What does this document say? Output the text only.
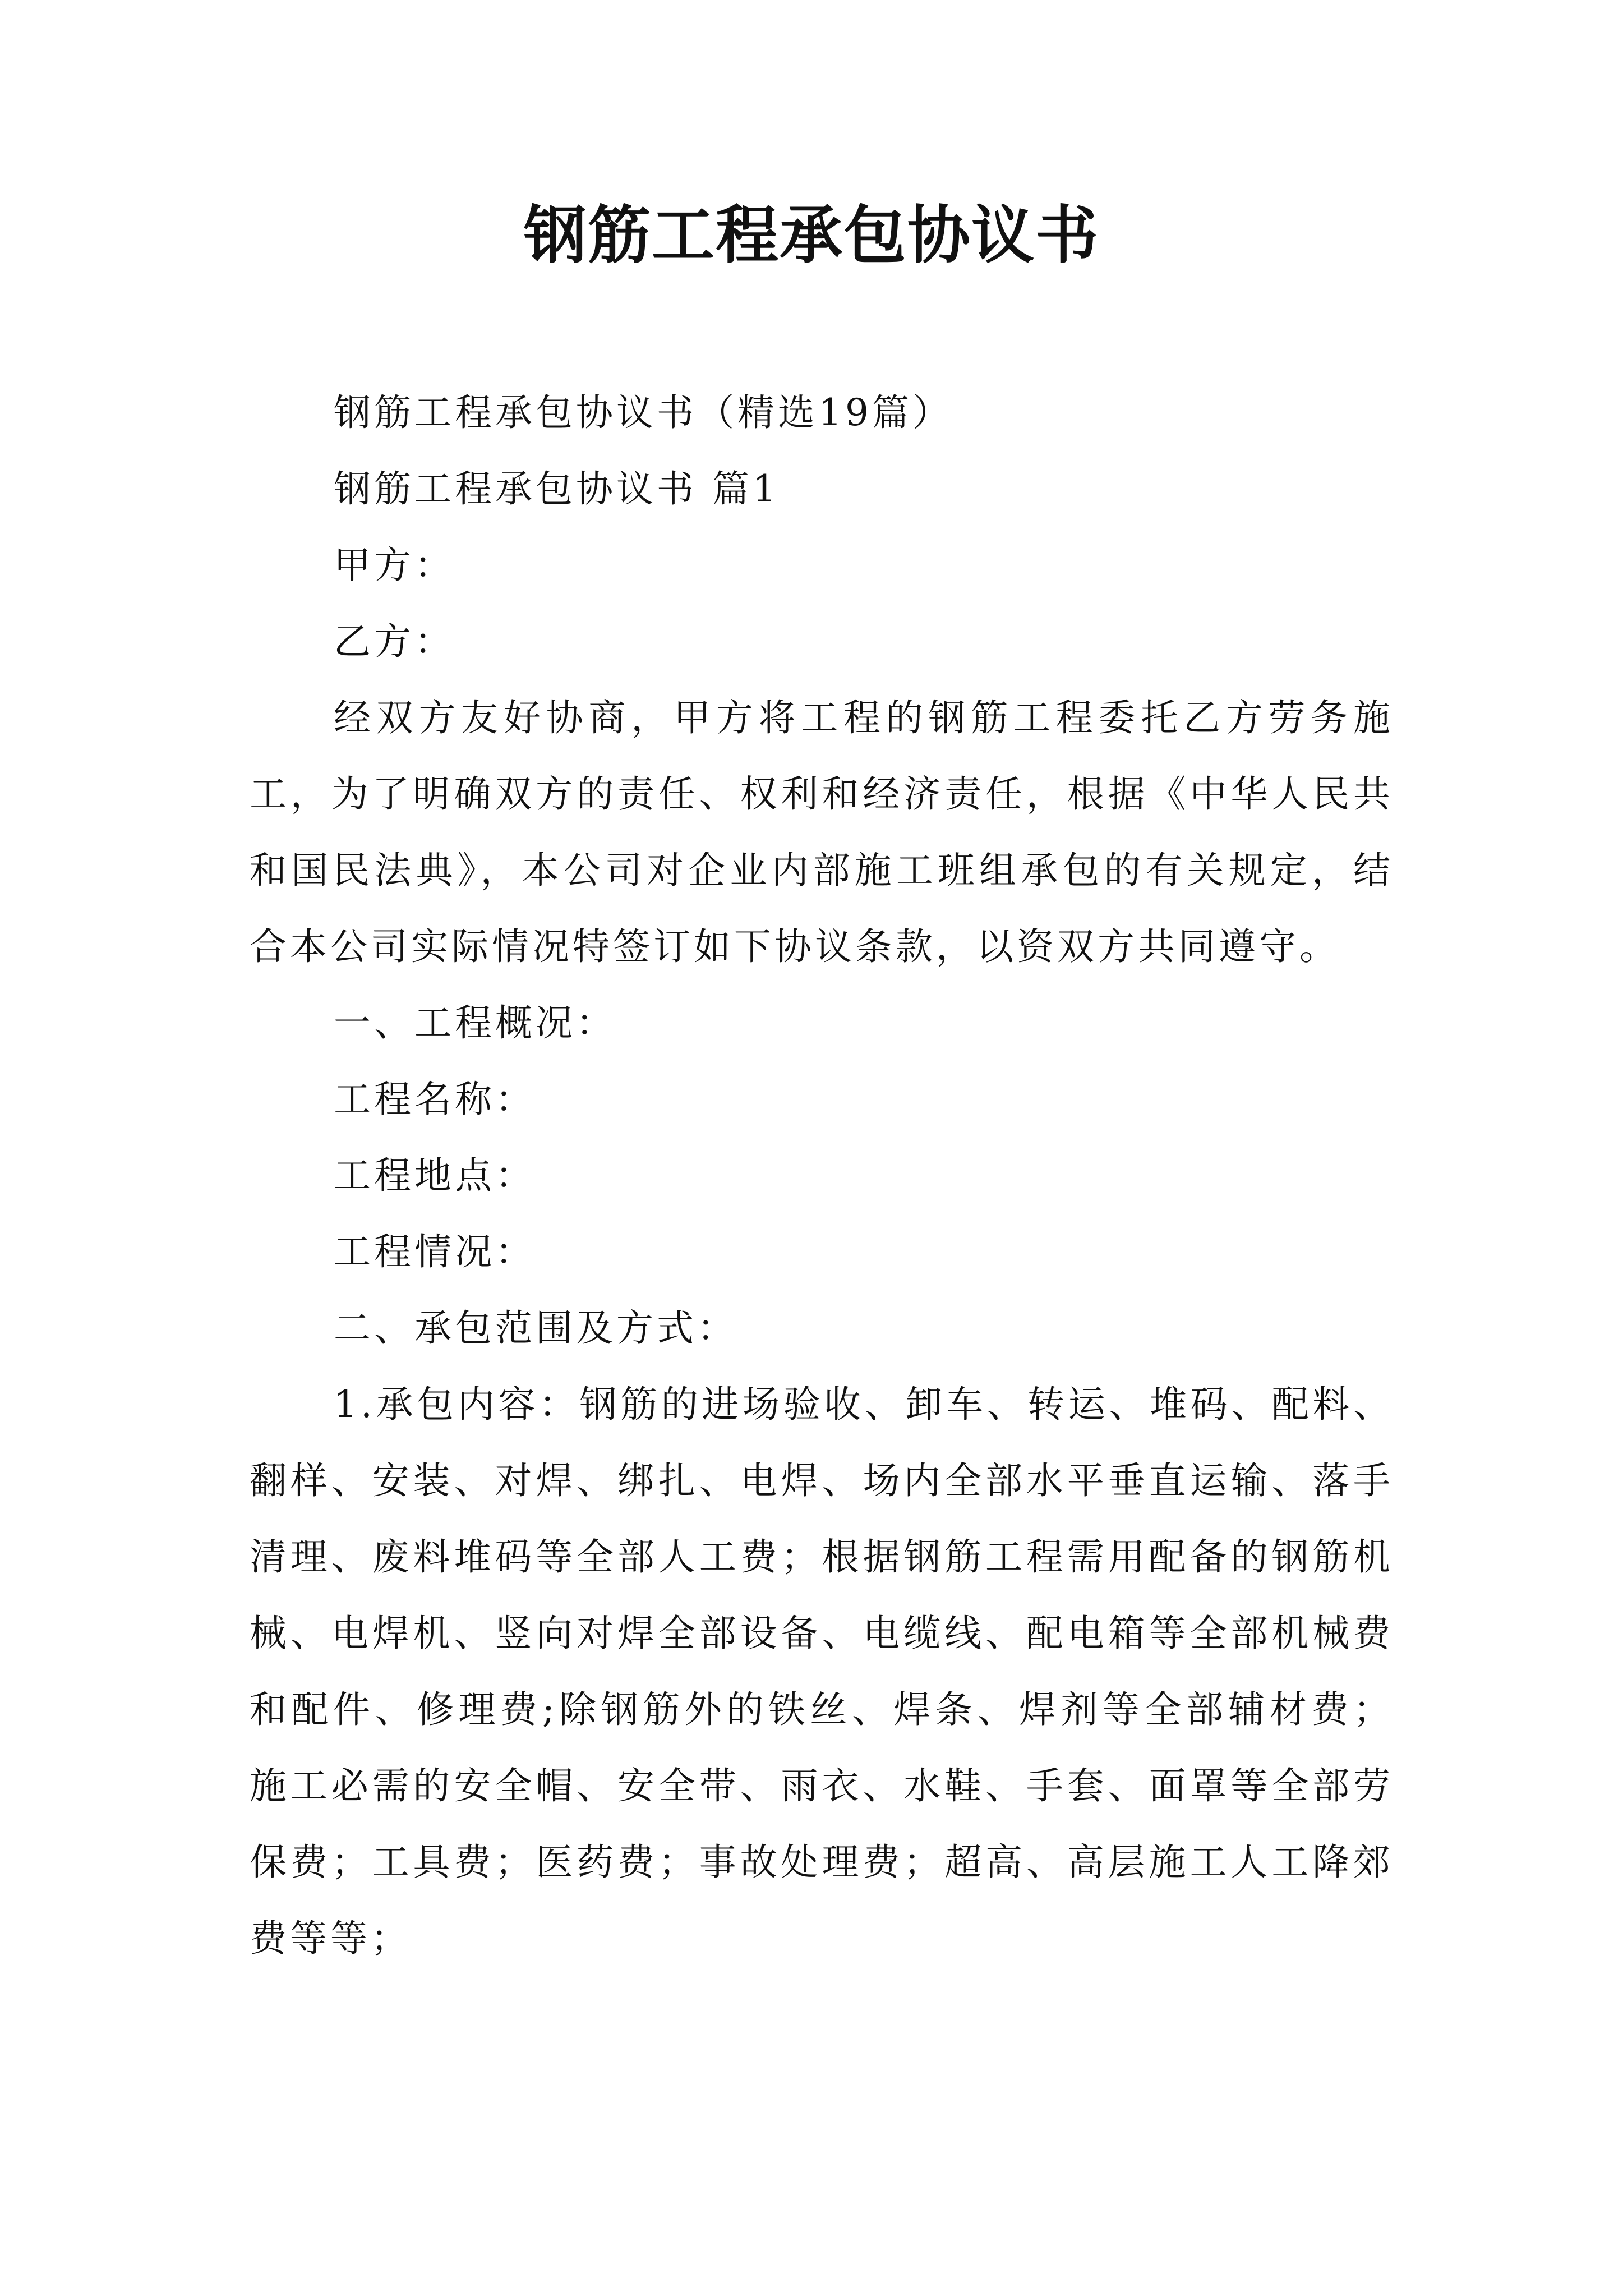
钢筋工程承包协议书

钢筋工程承包协议书（精选19篇）

钢筋工程承包协议书 篇1

甲方：

乙方：

经双方友好协商，甲方将工程的钢筋工程委托乙方劳务施工，为了明确双方的责任、权利和经济责任，根据《中华人民共和国民法典》，本公司对企业内部施工班组承包的有关规定，结合本公司实际情况特签订如下协议条款，以资双方共同遵守。

一、工程概况：

工程名称：

工程地点：

工程情况：

二、承包范围及方式：

1.承包内容：钢筋的进场验收、卸车、转运、堆码、配料、翻样、安装、对焊、绑扎、电焊、场内全部水平垂直运输、落手清理、废料堆码等全部人工费；根据钢筋工程需用配备的钢筋机械、电焊机、竖向对焊全部设备、电缆线、配电箱等全部机械费和配件、修理费;除钢筋外的铁丝、焊条、焊剂等全部辅材费；施工必需的安全帽、安全带、雨衣、水鞋、手套、面罩等全部劳保费；工具费；医药费；事故处理费；超高、高层施工人工降郊费等等；
